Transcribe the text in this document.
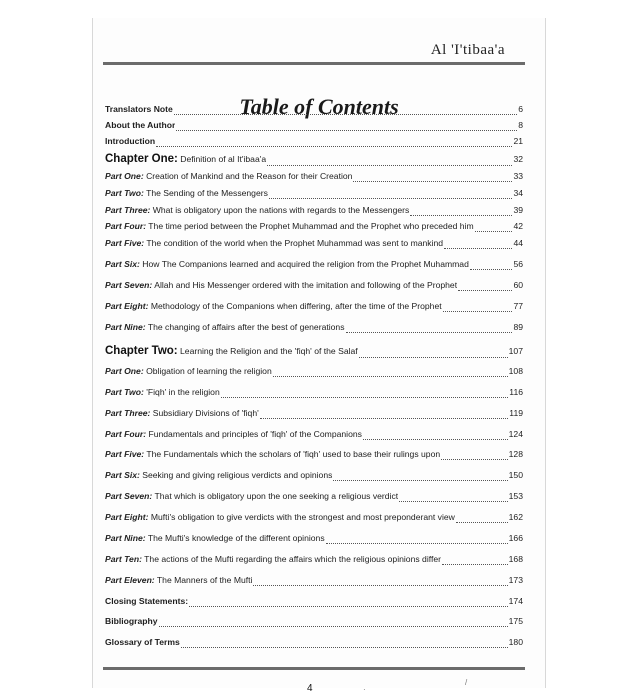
Al 'I'tibaa'a
Table of Contents
Translators Note	6
About the Author	8
Introduction	21
Chapter One: Definition of al It'ibaa'a	32
Part One: Creation of Mankind and the Reason for their Creation	33
Part Two: The Sending of the Messengers	34
Part Three: What is obligatory upon the nations with regards to the Messengers	39
Part Four: The time period between the Prophet Muhammad and the Prophet who preceded him	42
Part Five: The condition of the world when the Prophet Muhammad was sent to mankind	44
Part Six: How The Companions learned and acquired the religion from the Prophet Muhammad	56
Part Seven: Allah and His Messenger ordered with the imitation and following of the Prophet	60
Part Eight: Methodology of the Companions when differing, after the time of the Prophet	77
Part Nine: The changing of affairs after the best of generations	89
Chapter Two: Learning the Religion and the 'fiqh' of the Salaf	107
Part One: Obligation of learning the religion	108
Part Two: 'Fiqh' in the religion	116
Part Three: Subsidiary Divisions of 'fiqh'	119
Part Four: Fundamentals and principles of 'fiqh' of the Companions	124
Part Five: The Fundamentals which the scholars of 'fiqh' used to base their rulings upon	128
Part Six: Seeking and giving religious verdicts and opinions	150
Part Seven: That which is obligatory upon the one seeking a religious verdict	153
Part Eight: Mufti's obligation to give verdicts with the strongest and most preponderant view	162
Part Nine: The Mufti's knowledge of the different opinions	166
Part Ten: The actions of the Mufti regarding the affairs which the religious opinions differ	168
Part Eleven: The Manners of the Mufti	173
Closing Statements:	174
Bibliography	175
Glossary of Terms	180
4	·
/
